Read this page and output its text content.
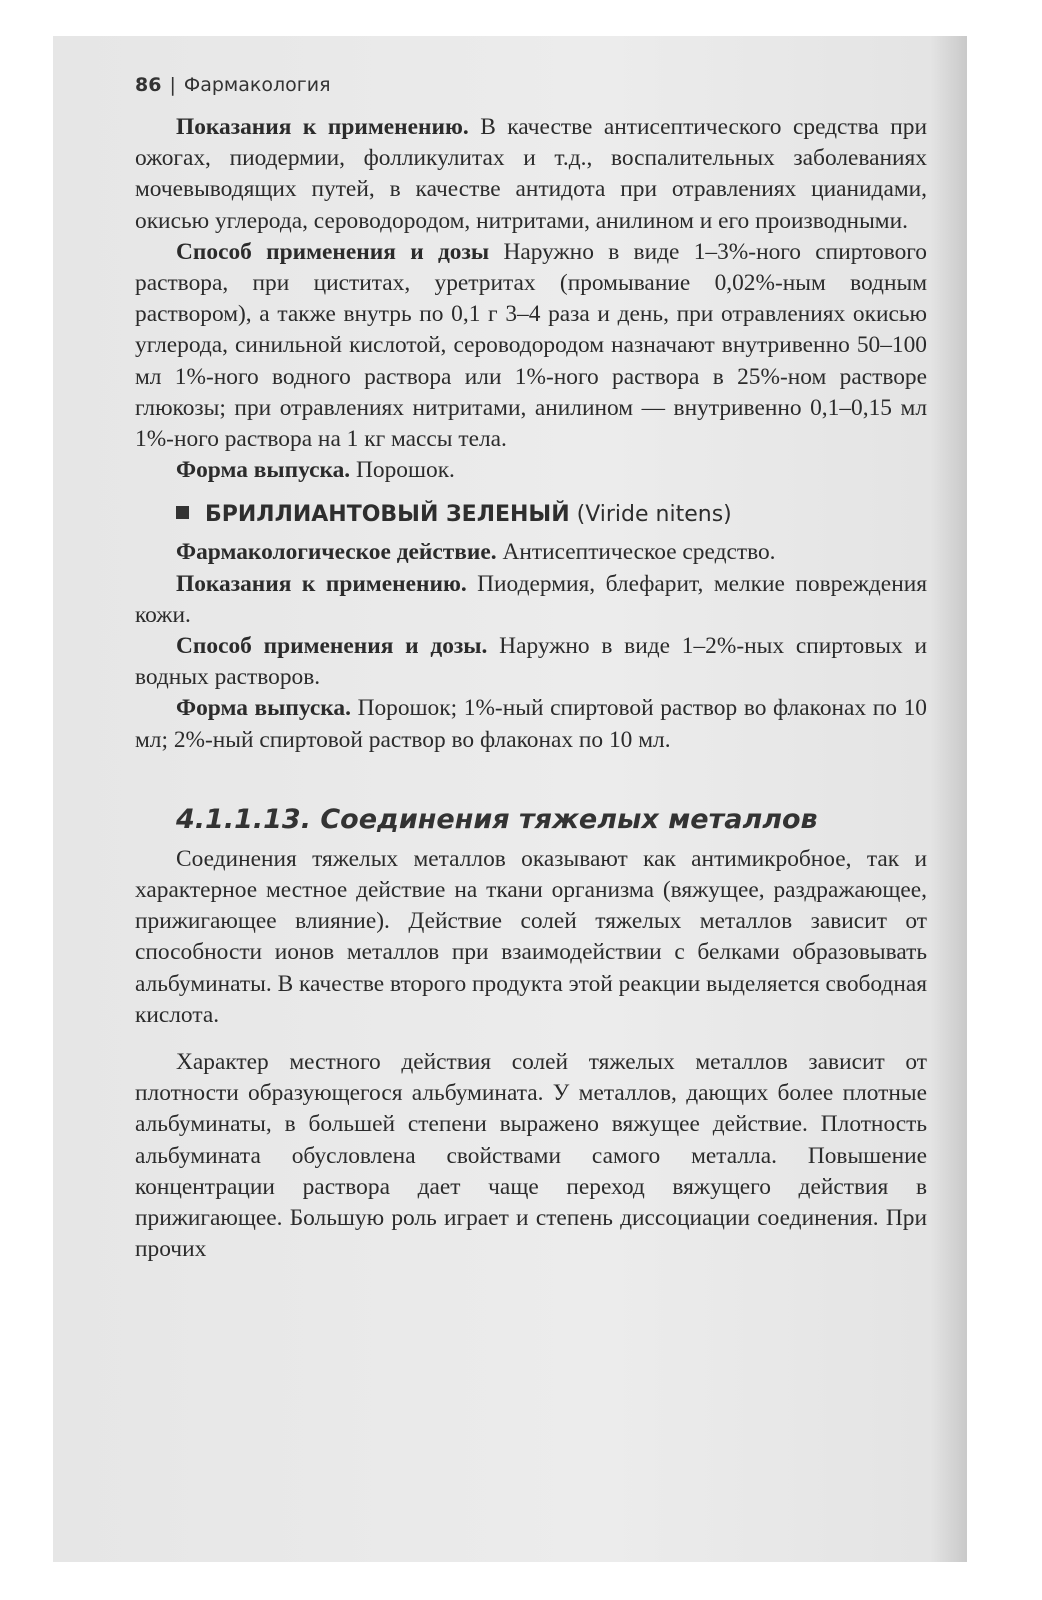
86 | Фармакология

Показания к применению. В качестве антисептического средства при ожогах, пиодермии, фолликулитах и т.д., воспалительных заболеваниях мочевыводящих путей, в качестве антидота при отравлениях цианидами, окисью углерода, сероводородом, нитритами, анилином и его производными.

Способ применения и дозы Наружно в виде 1–3%-ного спиртового раствора, при циститах, уретритах (промывание 0,02%-ным водным раствором), а также внутрь по 0,1 г 3–4 раза и день, при отравлениях окисью углерода, синильной кислотой, сероводородом назначают внутривенно 50–100 мл 1%-ного водного раствора или 1%-ного раствора в 25%-ном растворе глюкозы; при отравлениях нитритами, анилином — внутривенно 0,1–0,15 мл 1%-ного раствора на 1 кг массы тела.

Форма выпуска. Порошок.

БРИЛЛИАНТОВЫЙ ЗЕЛЕНЫЙ (Viride nitens)

Фармакологическое действие. Антисептическое средство.

Показания к применению. Пиодермия, блефарит, мелкие повреждения кожи.

Способ применения и дозы. Наружно в виде 1–2%-ных спиртовых и водных растворов.

Форма выпуска. Порошок; 1%-ный спиртовой раствор во флаконах по 10 мл; 2%-ный спиртовой раствор во флаконах по 10 мл.

4.1.1.13. Соединения тяжелых металлов

Соединения тяжелых металлов оказывают как антимикробное, так и характерное местное действие на ткани организма (вяжущее, раздражающее, прижигающее влияние). Действие солей тяжелых металлов зависит от способности ионов металлов при взаимодействии с белками образовывать альбуминаты. В качестве второго продукта этой реакции выделяется свободная кислота.

Характер местного действия солей тяжелых металлов зависит от плотности образующегося альбумината. У металлов, дающих более плотные альбуминаты, в большей степени выражено вяжущее действие. Плотность альбумината обусловлена свойствами самого металла. Повышение концентрации раствора дает чаще переход вяжущего действия в прижигающее. Большую роль играет и степень диссоциации соединения. При прочих
